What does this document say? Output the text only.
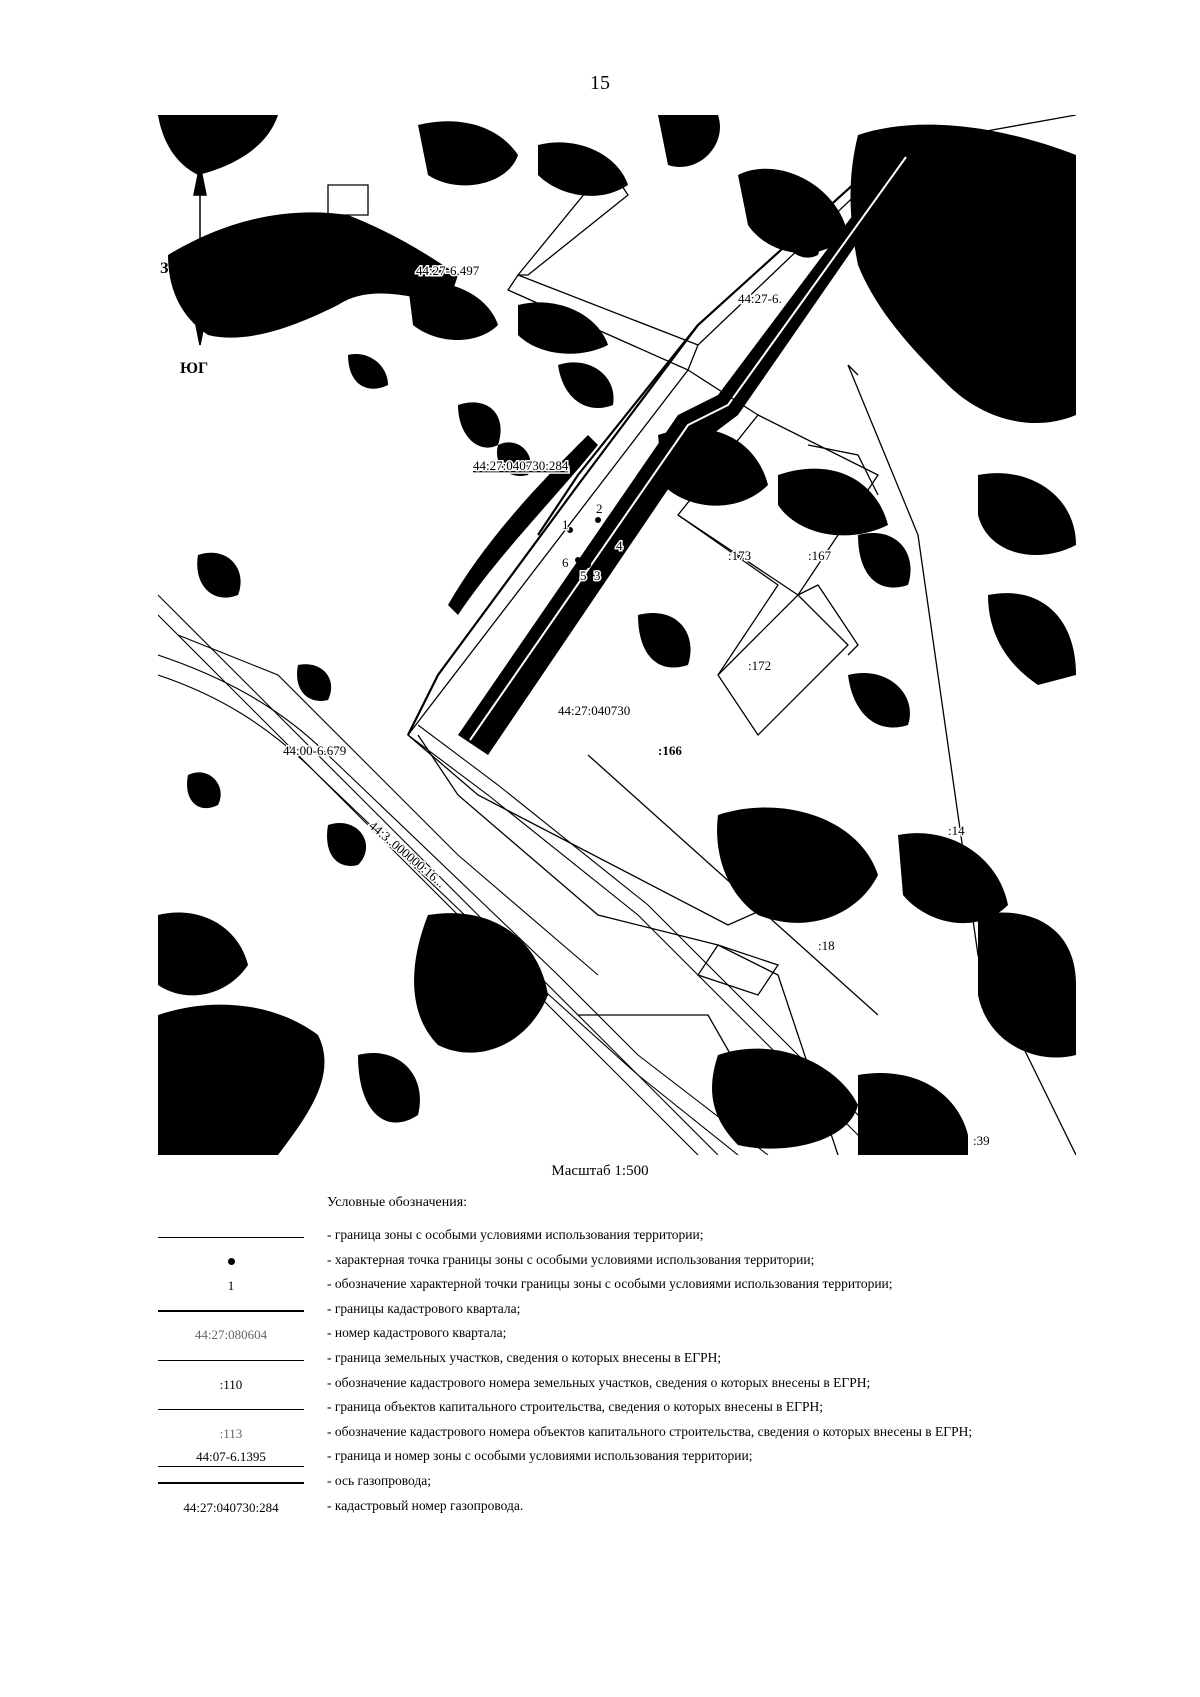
15
З
ЮГ
44:27-6.497
44:27-6.
44:00-6.679
44:27:040730:284
44:27:040730
:166
:167
:172
:173
:14
:18
:39
44:3..000000:16...
1
2
3
4
5
6
Масштаб 1:500
Условные обозначения:
- граница зоны с особыми условиями использования территории;
- характерная точка границы зоны с особыми условиями использования территории;
1	- обозначение характерной точки границы зоны с особыми условиями использования территории;
- границы кадастрового квартала;
44:27:080604	- номер кадастрового квартала;
- граница земельных участков, сведения о которых внесены в ЕГРН;
:110	- обозначение кадастрового номера земельных участков, сведения о которых внесены в ЕГРН;
- граница объектов капитального строительства, сведения о которых внесены в ЕГРН;
:113	- обозначение кадастрового номера объектов капитального строительства, сведения о которых внесены в ЕГРН;
44:07-6.1395	- граница и номер зоны с особыми условиями использования территории;
- ось газопровода;
44:27:040730:284	- кадастровый номер газопровода.
